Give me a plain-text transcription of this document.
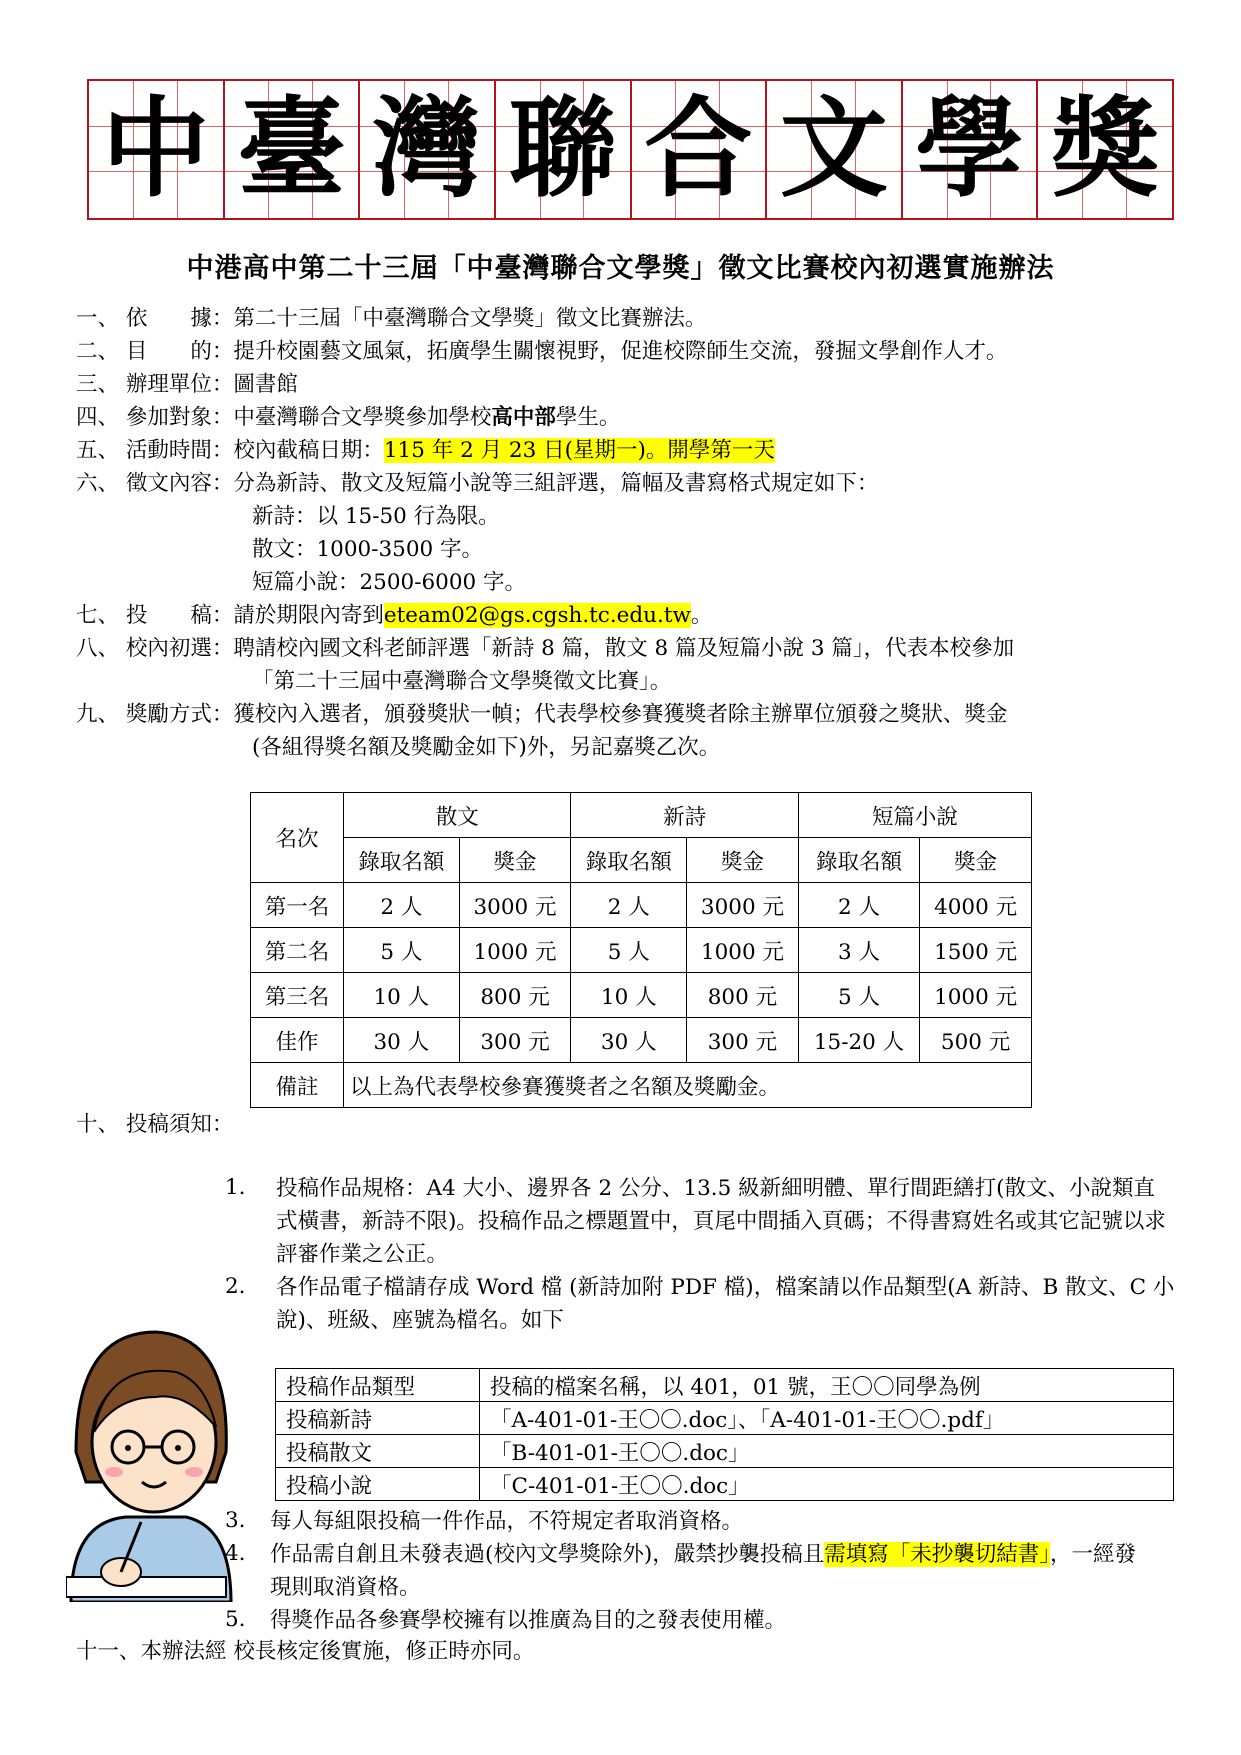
中 臺 灣 聯 合 文 學 獎
中港高中第二十三屆「中臺灣聯合文學獎」徵文比賽校內初選實施辦法
一、 依　　據：第二十三屆「中臺灣聯合文學獎」徵文比賽辦法。
二、 目　　的：提升校園藝文風氣，拓廣學生關懷視野，促進校際師生交流，發掘文學創作人才。
三、 辦理單位：圖書館
四、 參加對象：中臺灣聯合文學獎參加學校高中部學生。
五、 活動時間：校內截稿日期：115 年 2 月 23 日(星期一)。開學第一天
六、 徵文內容：分為新詩、散文及短篇小說等三組評選，篇幅及書寫格式規定如下：
新詩：以 15-50 行為限。
散文：1000-3500 字。
短篇小說：2500-6000 字。
七、 投　　稿：請於期限內寄到eteam02@gs.cgsh.tc.edu.tw。
八、 校內初選：聘請校內國文科老師評選「新詩 8 篇，散文 8 篇及短篇小說 3 篇」，代表本校參加
「第二十三屆中臺灣聯合文學獎徵文比賽」。
九、 獎勵方式：獲校內入選者，頒發獎狀一幀；代表學校參賽獲獎者除主辦單位頒發之獎狀、獎金
(各組得獎名額及獎勵金如下)外，另記嘉獎乙次。
名次	散文		新詩		短篇小說	
	錄取名額	獎金	錄取名額	獎金	錄取名額	獎金
第一名	2 人	3000 元	2 人	3000 元	2 人	4000 元
第二名	5 人	1000 元	5 人	1000 元	3 人	1500 元
第三名	10 人	800 元	10 人	800 元	5 人	1000 元
佳作	30 人	300 元	30 人	300 元	15-20 人	500 元
備註	以上為代表學校參賽獲獎者之名額及獎勵金。					
十、 投稿須知：
1. 投稿作品規格：A4 大小、邊界各 2 公分、13.5 級新細明體、單行間距繕打(散文、小說類直式橫書，新詩不限)。投稿作品之標題置中，頁尾中間插入頁碼；不得書寫姓名或其它記號以求評審作業之公正。
2. 各作品電子檔請存成 Word 檔 (新詩加附 PDF 檔)，檔案請以作品類型(A 新詩、B 散文、C 小說)、班級、座號為檔名。如下
投稿作品類型	投稿的檔案名稱，以 401，01 號，王〇〇同學為例
投稿新詩	「A-401-01-王〇〇.doc」、「A-401-01-王〇〇.pdf」
投稿散文	「B-401-01-王〇〇.doc」
投稿小說	「C-401-01-王〇〇.doc」
3. 每人每組限投稿一件作品，不符規定者取消資格。
4. 作品需自創且未發表過(校內文學獎除外)，嚴禁抄襲投稿且需填寫「未抄襲切結書」，一經發現則取消資格。
5. 得獎作品各參賽學校擁有以推廣為目的之發表使用權。
十一、本辦法經 校長核定後實施，修正時亦同。
